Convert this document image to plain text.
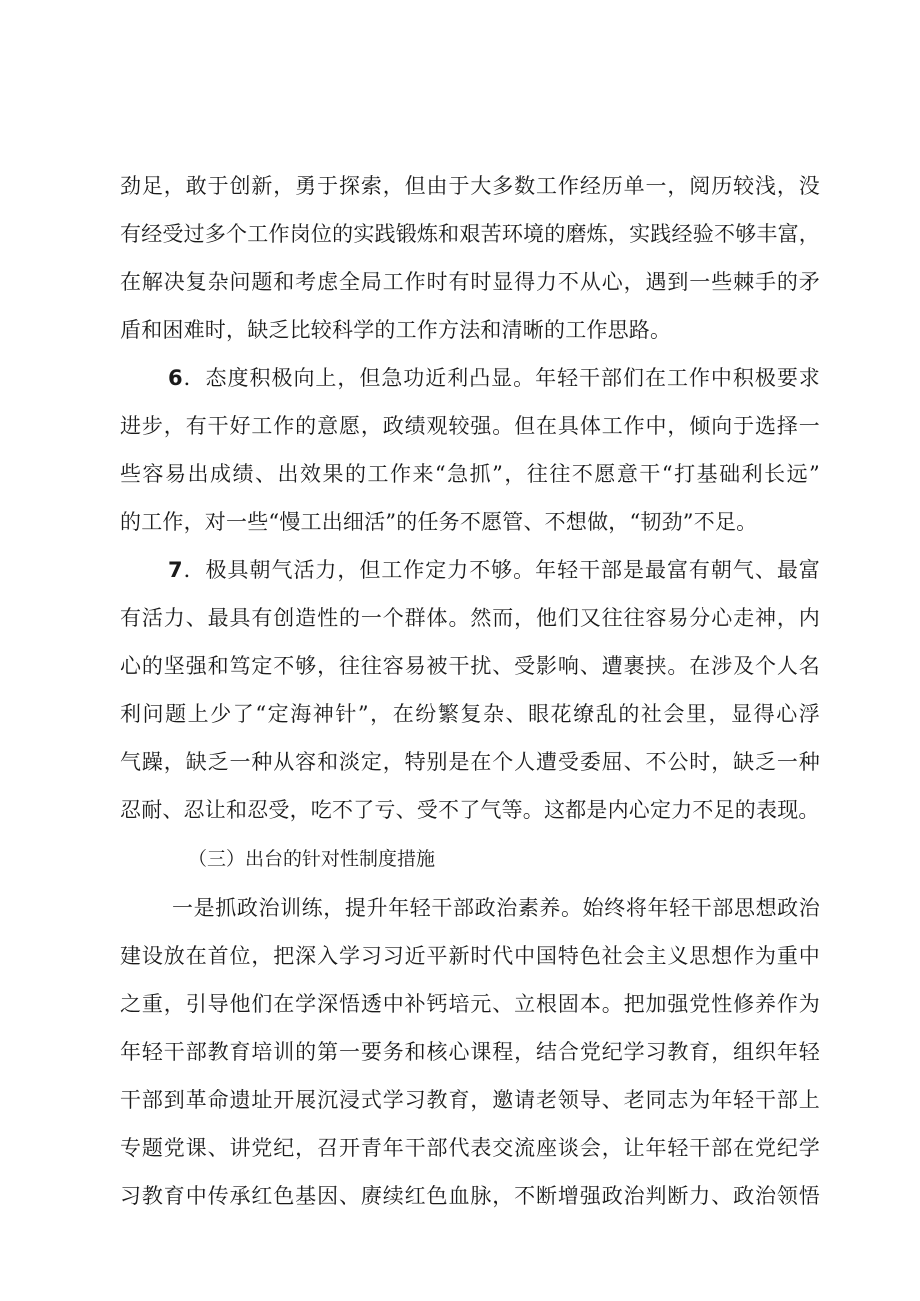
劲足，敢于创新，勇于探索，但由于大多数工作经历单一，阅历较浅，没
有经受过多个工作岗位的实践锻炼和艰苦环境的磨炼，实践经验不够丰富，
在解决复杂问题和考虑全局工作时有时显得力不从心，遇到一些棘手的矛
盾和困难时，缺乏比较科学的工作方法和清晰的工作思路。
6．态度积极向上，但急功近利凸显。年轻干部们在工作中积极要求
进步，有干好工作的意愿，政绩观较强。但在具体工作中，倾向于选择一
些容易出成绩、出效果的工作来“急抓”，往往不愿意干“打基础利长远”
的工作，对一些“慢工出细活”的任务不愿管、不想做，“韧劲”不足。
7．极具朝气活力，但工作定力不够。年轻干部是最富有朝气、最富
有活力、最具有创造性的一个群体。然而，他们又往往容易分心走神，内
心的坚强和笃定不够，往往容易被干扰、受影响、遭裹挟。在涉及个人名
利问题上少了“定海神针”，在纷繁复杂、眼花缭乱的社会里，显得心浮
气躁，缺乏一种从容和淡定，特别是在个人遭受委屈、不公时，缺乏一种
忍耐、忍让和忍受，吃不了亏、受不了气等。这都是内心定力不足的表现。
（三）出台的针对性制度措施
一是抓政治训练，提升年轻干部政治素养。始终将年轻干部思想政治
建设放在首位，把深入学习习近平新时代中国特色社会主义思想作为重中
之重，引导他们在学深悟透中补钙培元、立根固本。把加强党性修养作为
年轻干部教育培训的第一要务和核心课程，结合党纪学习教育，组织年轻
干部到革命遗址开展沉浸式学习教育，邀请老领导、老同志为年轻干部上
专题党课、讲党纪，召开青年干部代表交流座谈会，让年轻干部在党纪学
习教育中传承红色基因、赓续红色血脉，不断增强政治判断力、政治领悟
